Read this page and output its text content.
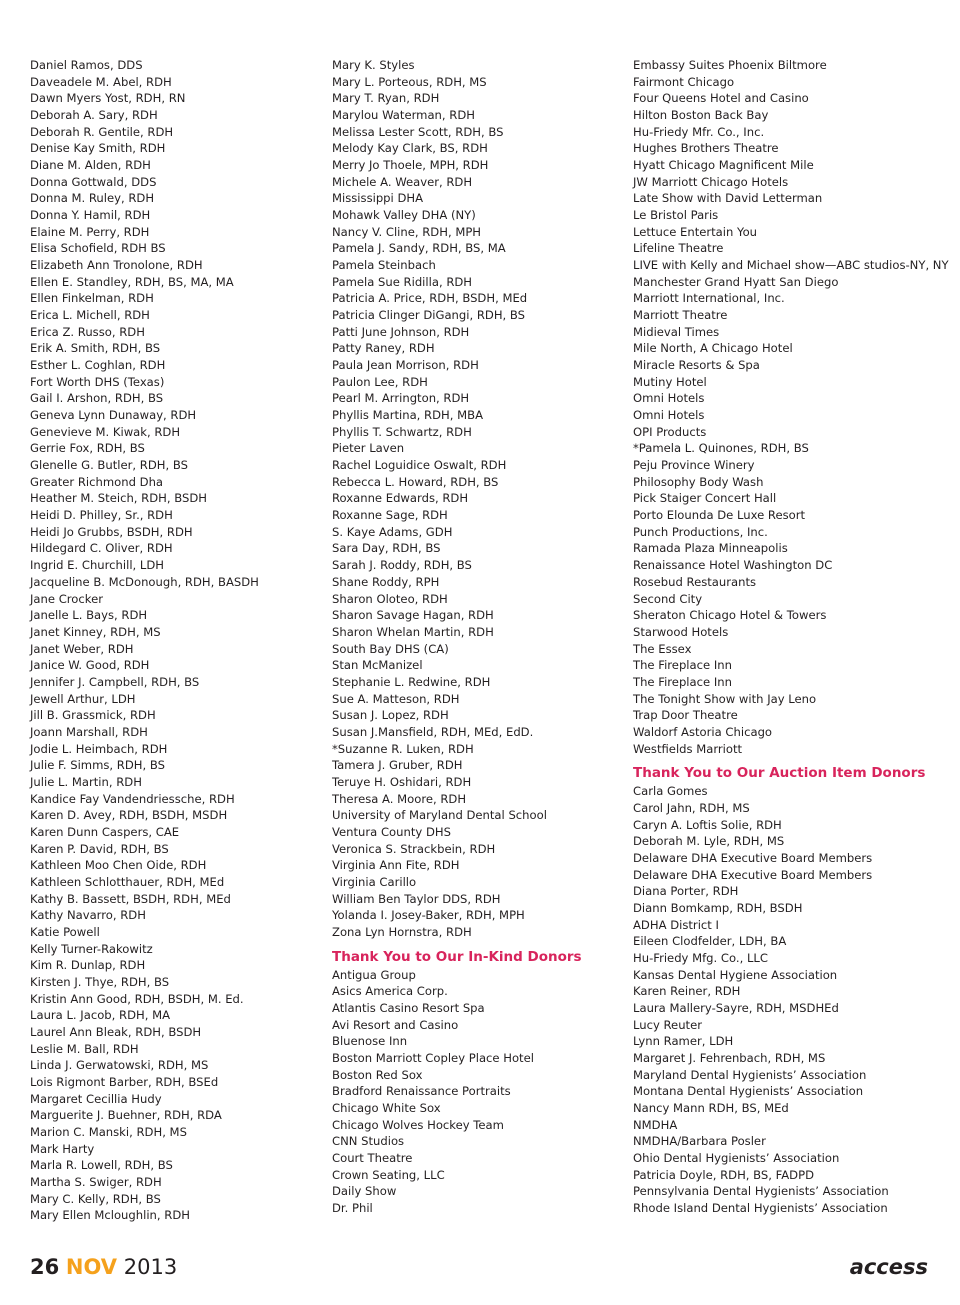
Daniel Ramos, DDS
Daveadele M. Abel, RDH
Dawn Myers Yost, RDH, RN
Deborah A. Sary, RDH
Deborah R. Gentile, RDH
Denise Kay Smith, RDH
Diane M. Alden, RDH
Donna Gottwald, DDS
Donna M. Ruley, RDH
Donna Y. Hamil, RDH
Elaine M. Perry, RDH
Elisa Schofield, RDH BS
Elizabeth Ann Tronolone, RDH
Ellen E. Standley, RDH, BS, MA, MA
Ellen Finkelman, RDH
Erica L. Michell, RDH
Erica Z. Russo, RDH
Erik A. Smith, RDH, BS
Esther L. Coghlan, RDH
Fort Worth DHS (Texas)
Gail I. Arshon, RDH, BS
Geneva Lynn Dunaway, RDH
Genevieve M. Kiwak, RDH
Gerrie Fox, RDH, BS
Glenelle G. Butler, RDH, BS
Greater Richmond Dha
Heather M. Steich, RDH, BSDH
Heidi D. Philley, Sr., RDH
Heidi Jo Grubbs, BSDH, RDH
Hildegard C. Oliver, RDH
Ingrid E. Churchill, LDH
Jacqueline B. McDonough, RDH, BASDH
Jane Crocker
Janelle L. Bays, RDH
Janet Kinney, RDH, MS
Janet Weber, RDH
Janice W. Good, RDH
Jennifer J. Campbell, RDH, BS
Jewell Arthur, LDH
Jill B. Grassmick, RDH
Joann Marshall, RDH
Jodie L. Heimbach, RDH
Julie F. Simms, RDH, BS
Julie L. Martin, RDH
Kandice Fay Vandendriessche, RDH
Karen D. Avey, RDH, BSDH, MSDH
Karen Dunn Caspers, CAE
Karen P. David, RDH, BS
Kathleen Moo Chen Oide, RDH
Kathleen Schlotthauer, RDH, MEd
Kathy B. Bassett, BSDH, RDH, MEd
Kathy Navarro, RDH
Katie Powell
Kelly Turner-Rakowitz
Kim R. Dunlap, RDH
Kirsten J. Thye, RDH, BS
Kristin Ann Good, RDH, BSDH, M. Ed.
Laura L. Jacob, RDH, MA
Laurel Ann Bleak, RDH, BSDH
Leslie M. Ball, RDH
Linda J. Gerwatowski, RDH, MS
Lois Rigmont Barber, RDH, BSEd
Margaret Cecillia Hudy
Marguerite J. Buehner, RDH, RDA
Marion C. Manski, RDH, MS
Mark Harty
Marla R. Lowell, RDH, BS
Martha S. Swiger, RDH
Mary C. Kelly, RDH, BS
Mary Ellen Mcloughlin, RDH
Mary K. Styles
Mary L. Porteous, RDH, MS
Mary T. Ryan, RDH
Marylou Waterman, RDH
Melissa Lester Scott, RDH, BS
Melody Kay Clark, BS, RDH
Merry Jo Thoele, MPH, RDH
Michele A. Weaver, RDH
Mississippi DHA
Mohawk Valley DHA (NY)
Nancy V. Cline, RDH, MPH
Pamela J. Sandy, RDH, BS, MA
Pamela Steinbach
Pamela Sue Ridilla, RDH
Patricia A. Price, RDH, BSDH, MEd
Patricia Clinger DiGangi, RDH, BS
Patti June Johnson, RDH
Patty Raney, RDH
Paula Jean Morrison, RDH
Paulon Lee, RDH
Pearl M. Arrington, RDH
Phyllis Martina, RDH, MBA
Phyllis T. Schwartz, RDH
Pieter Laven
Rachel Loguidice Oswalt, RDH
Rebecca L. Howard, RDH, BS
Roxanne Edwards, RDH
Roxanne Sage, RDH
S. Kaye Adams, GDH
Sara Day, RDH, BS
Sarah J. Roddy, RDH, BS
Shane Roddy, RPH
Sharon Oloteo, RDH
Sharon Savage Hagan, RDH
Sharon Whelan Martin, RDH
South Bay DHS (CA)
Stan McManizel
Stephanie L. Redwine, RDH
Sue A. Matteson, RDH
Susan J. Lopez, RDH
Susan J.Mansfield, RDH, MEd, EdD.
*Suzanne R. Luken, RDH
Tamera J. Gruber, RDH
Teruye H. Oshidari, RDH
Theresa A. Moore, RDH
University of Maryland Dental School
Ventura County DHS
Veronica S. Strackbein, RDH
Virginia Ann Fite, RDH
Virginia Carillo
William Ben Taylor DDS, RDH
Yolanda I. Josey-Baker, RDH, MPH
Zona Lyn Hornstra, RDH
Thank You to Our In-Kind Donors
Antigua Group
Asics America Corp.
Atlantis Casino Resort Spa
Avi Resort and Casino
Bluenose Inn
Boston Marriott Copley Place Hotel
Boston Red Sox
Bradford Renaissance Portraits
Chicago White Sox
Chicago Wolves Hockey Team
CNN Studios
Court Theatre
Crown Seating, LLC
Daily Show
Dr. Phil
Embassy Suites Phoenix Biltmore
Fairmont Chicago
Four Queens Hotel and Casino
Hilton Boston Back Bay
Hu-Friedy Mfr. Co., Inc.
Hughes Brothers Theatre
Hyatt Chicago Magnificent Mile
JW Marriott Chicago Hotels
Late Show with David Letterman
Le Bristol Paris
Lettuce Entertain You
Lifeline Theatre
LIVE with Kelly and Michael show—ABC studios-NY, NY
Manchester Grand Hyatt San Diego
Marriott International, Inc.
Marriott Theatre
Midieval Times
Mile North, A Chicago Hotel
Miracle Resorts & Spa
Mutiny Hotel
Omni Hotels
Omni Hotels
OPI Products
*Pamela L. Quinones, RDH, BS
Peju Province Winery
Philosophy Body Wash
Pick Staiger Concert Hall
Porto Elounda De Luxe Resort
Punch Productions, Inc.
Ramada Plaza Minneapolis
Renaissance Hotel Washington DC
Rosebud Restaurants
Second City
Sheraton Chicago Hotel & Towers
Starwood Hotels
The Essex
The Fireplace Inn
The Fireplace Inn
The Tonight Show with Jay Leno
Trap Door Theatre
Waldorf Astoria Chicago
Westfields Marriott
Thank You to Our Auction Item Donors
Carla Gomes
Carol Jahn, RDH, MS
Caryn A. Loftis Solie, RDH
Deborah M. Lyle, RDH, MS
Delaware DHA Executive Board Members
Delaware DHA Executive Board Members
Diana Porter, RDH
Diann Bomkamp, RDH, BSDH
ADHA District I
Eileen Clodfelder, LDH, BA
Hu-Friedy Mfg. Co., LLC
Kansas Dental Hygiene Association
Karen Reiner, RDH
Laura Mallery-Sayre, RDH, MSDHEd
Lucy Reuter
Lynn Ramer, LDH
Margaret J. Fehrenbach, RDH, MS
Maryland Dental Hygienists’ Association
Montana Dental Hygienists’ Association
Nancy Mann RDH, BS, MEd
NMDHA
NMDHA/Barbara Posler
Ohio Dental Hygienists’ Association
Patricia Doyle, RDH, BS, FADPD
Pennsylvania Dental Hygienists’ Association
Rhode Island Dental Hygienists’ Association
26 NOV 2013	access
